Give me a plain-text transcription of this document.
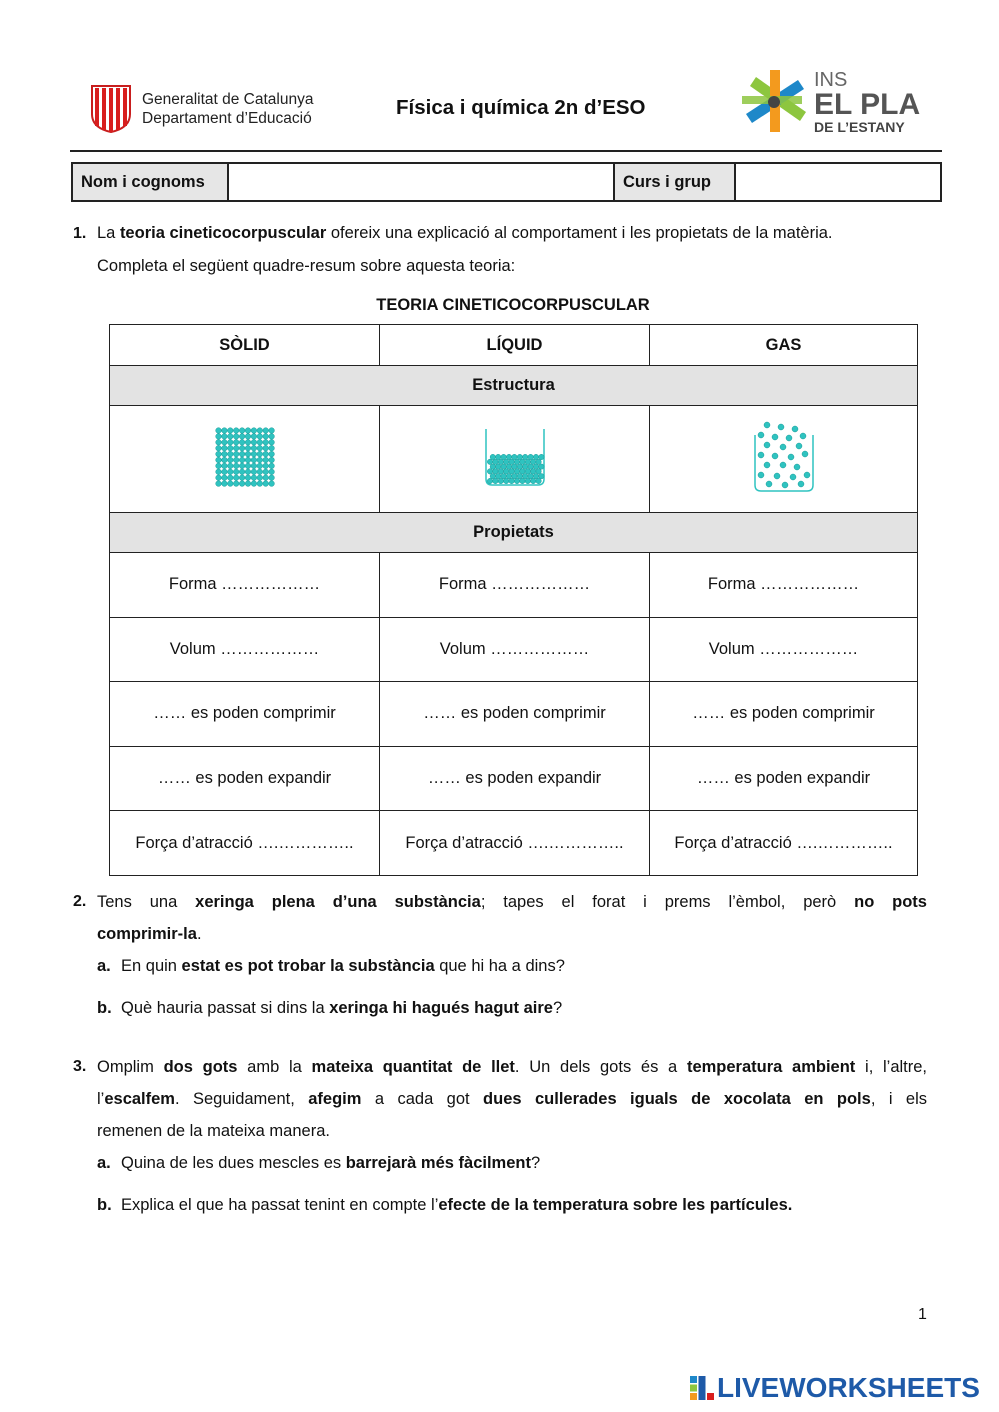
Generalitat de Catalunya
Departament d’Educació	Física i química 2n d’ESO
INS
EL PLA
DE L’ESTANY
Nom i cognoms	Curs i grup
1. La teoria cineticocorpuscular ofereix una explicació al comportament i les propietats de la matèria.
Completa el següent quadre-resum sobre aquesta teoria:
TEORIA CINETICOCORPUSCULAR
SÒLID	LÍQUID	GAS
Estructura		

Propietats		
Forma ………………	Forma ………………	Forma ………………
Volum ………………	Volum ………………	Volum ………………
…… es poden comprimir	…… es poden comprimir	…… es poden comprimir
…… es poden expandir	…… es poden expandir	…… es poden expandir
Força d’atracció ….…………..	Força d’atracció ….…………..	Força d’atracció ….…………..
2. Tens una xeringa plena d’una substància; tapes el forat i prems l’èmbol, però no pots
comprimir-la.
a. En quin estat es pot trobar la substància que hi ha a dins?
b. Què hauria passat si dins la xeringa hi hagués hagut aire?
3. Omplim dos gots amb la mateixa quantitat de llet. Un dels gots és a temperatura ambient i, l’altre,
l’escalfem. Seguidament, afegim a cada got dues cullerades iguals de xocolata en pols, i els
remenen de la mateixa manera.
a. Quina de les dues mescles es barrejarà més fàcilment?
b. Explica el que ha passat tenint en compte l’efecte de la temperatura sobre les partícules.
1
LIVEWORKSHEETS
